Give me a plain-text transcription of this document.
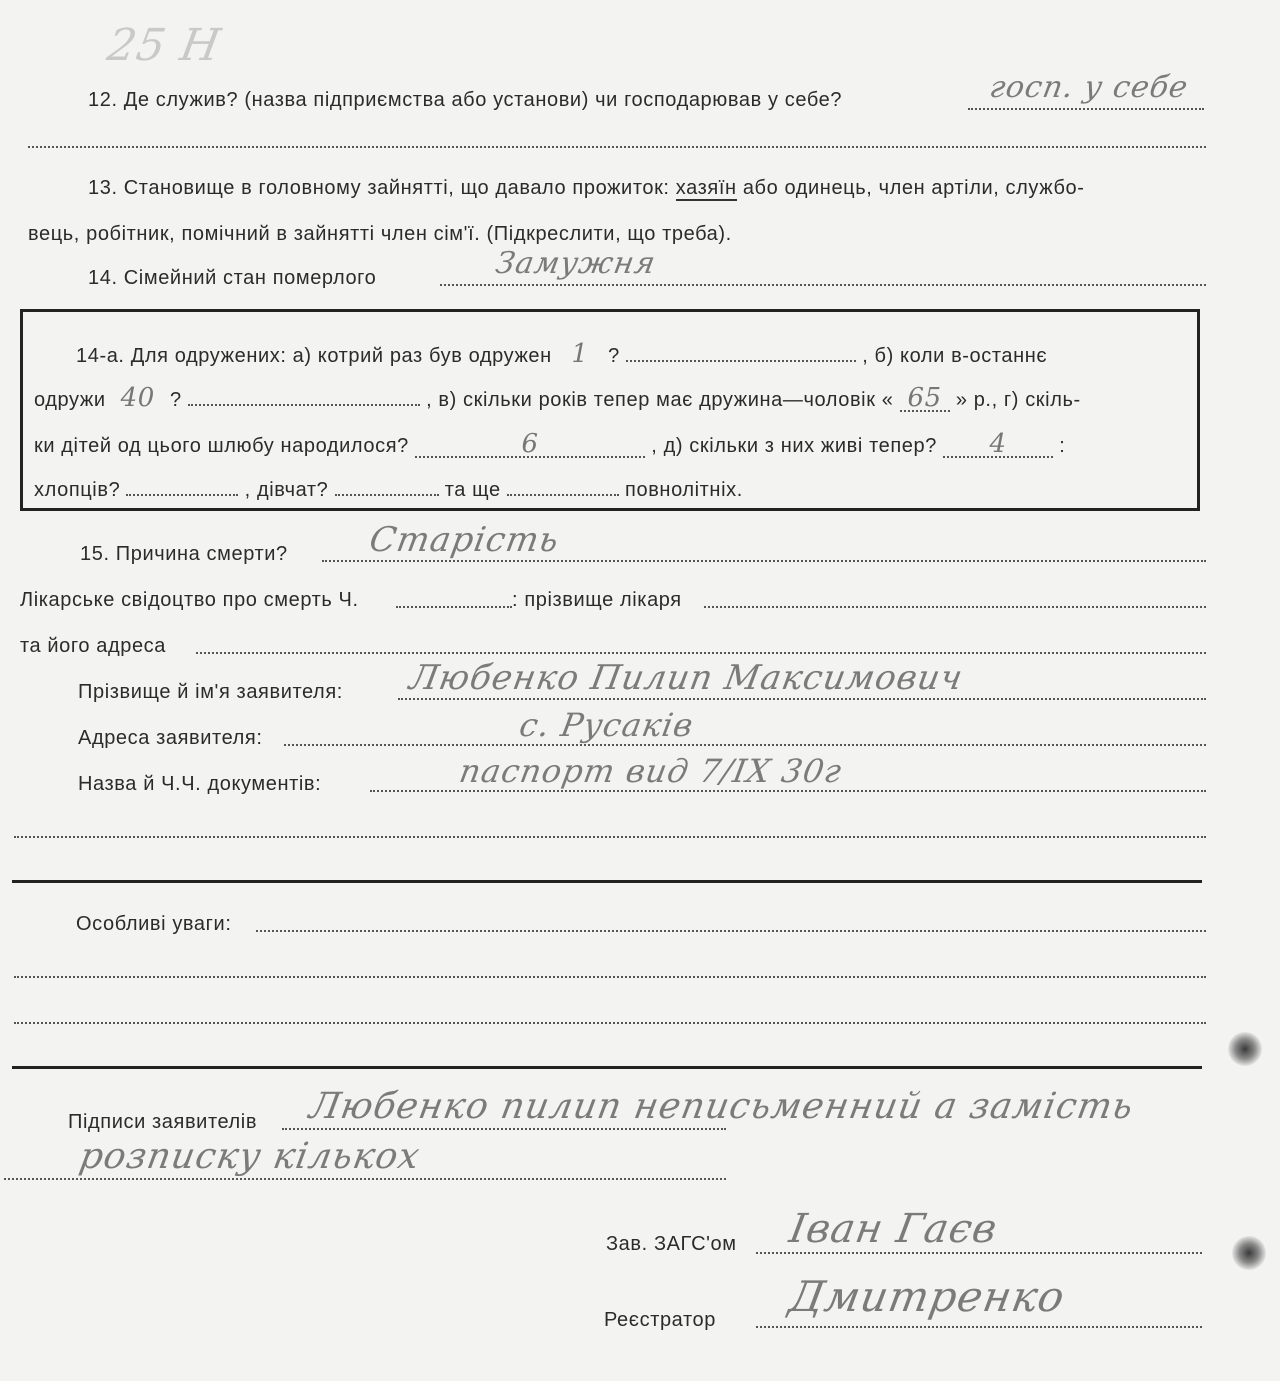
25 Н
12. Де служив? (назва підприємства або установи) чи господарював у себе?	госп. у себе
13. Становище в головному зайнятті, що давало прожиток: хазяїн або одинець, член артіли, службо-
вець, робітник, помічний в зайнятті член сім'ї. (Підкреслити, що треба).
14. Сімейний стан померлого	Замужня
14-а. Для одружених: а) котрий раз був одружен 1 ?	, б) коли в-останнє
одружи 40 ?	, в) скільки років тепер має дружина—чоловік « 65 » р., г) скіль-
ки дітей од цього шлюбу народилося?	6	, д) скільки з них живі тепер? 4	:
хлопців?	, дівчат?	та ще	повнолітніх.
15. Причина смерти? Старість
Лікарське свідоцтво про смерть Ч.	: прізвище лікаря
та його адреса
Прізвище й ім'я заявителя: Любенко Пилип Максимович
Адреса заявителя:	с. Русаків
Назва й Ч.Ч. документів:	паспорт вид 7/IX 30г
Особливі уваги:
Підписи заявителів Любенко пилип неписьменний а замість
розписку кількох
Зав. ЗАГС'ом Іван Гаєв
Реєстратор Дмитренко
